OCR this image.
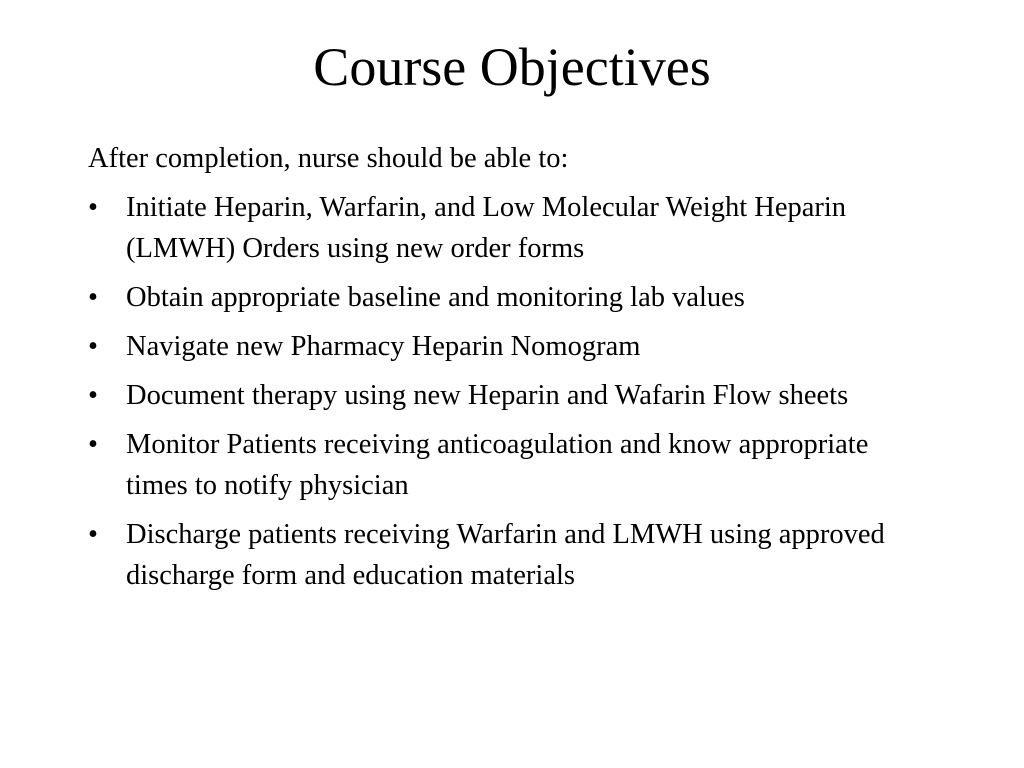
Course Objectives

After completion, nurse should be able to:

• Initiate Heparin, Warfarin, and Low Molecular Weight Heparin (LMWH) Orders using new order forms
• Obtain appropriate baseline and monitoring lab values
• Navigate new Pharmacy Heparin Nomogram
• Document therapy using new Heparin and Wafarin Flow sheets
• Monitor Patients receiving anticoagulation and know appropriate times to notify physician
• Discharge patients receiving Warfarin and LMWH using approved discharge form and education materials
